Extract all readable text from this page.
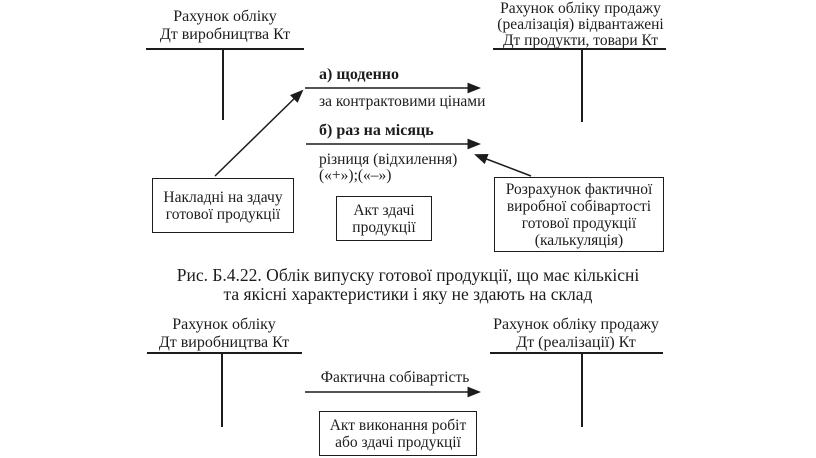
Рахунок обліку
Дт виробництва Кт
Рахунок обліку продажу
(реалізація) відвантажені
Дт продукти, товари Кт
а) щоденно
за контрактовими цінами
б) раз на місяць
різниця (відхилення)
(«+»);(«–»)
Накладні на здачу
готової продукції	Акт здачі
продукції
Розрахунок фактичної
виробної собівартості
готової продукції
(калькуляція)
Рис. Б.4.22. Облік випуску готової продукції, що має кількісні
та якісні характеристики і яку не здають на склад
Рахунок обліку
Дт виробництва Кт
Рахунок обліку продажу
Дт (реалізації) Кт
Фактична собівартість
Акт виконання робіт
або здачі продукції
